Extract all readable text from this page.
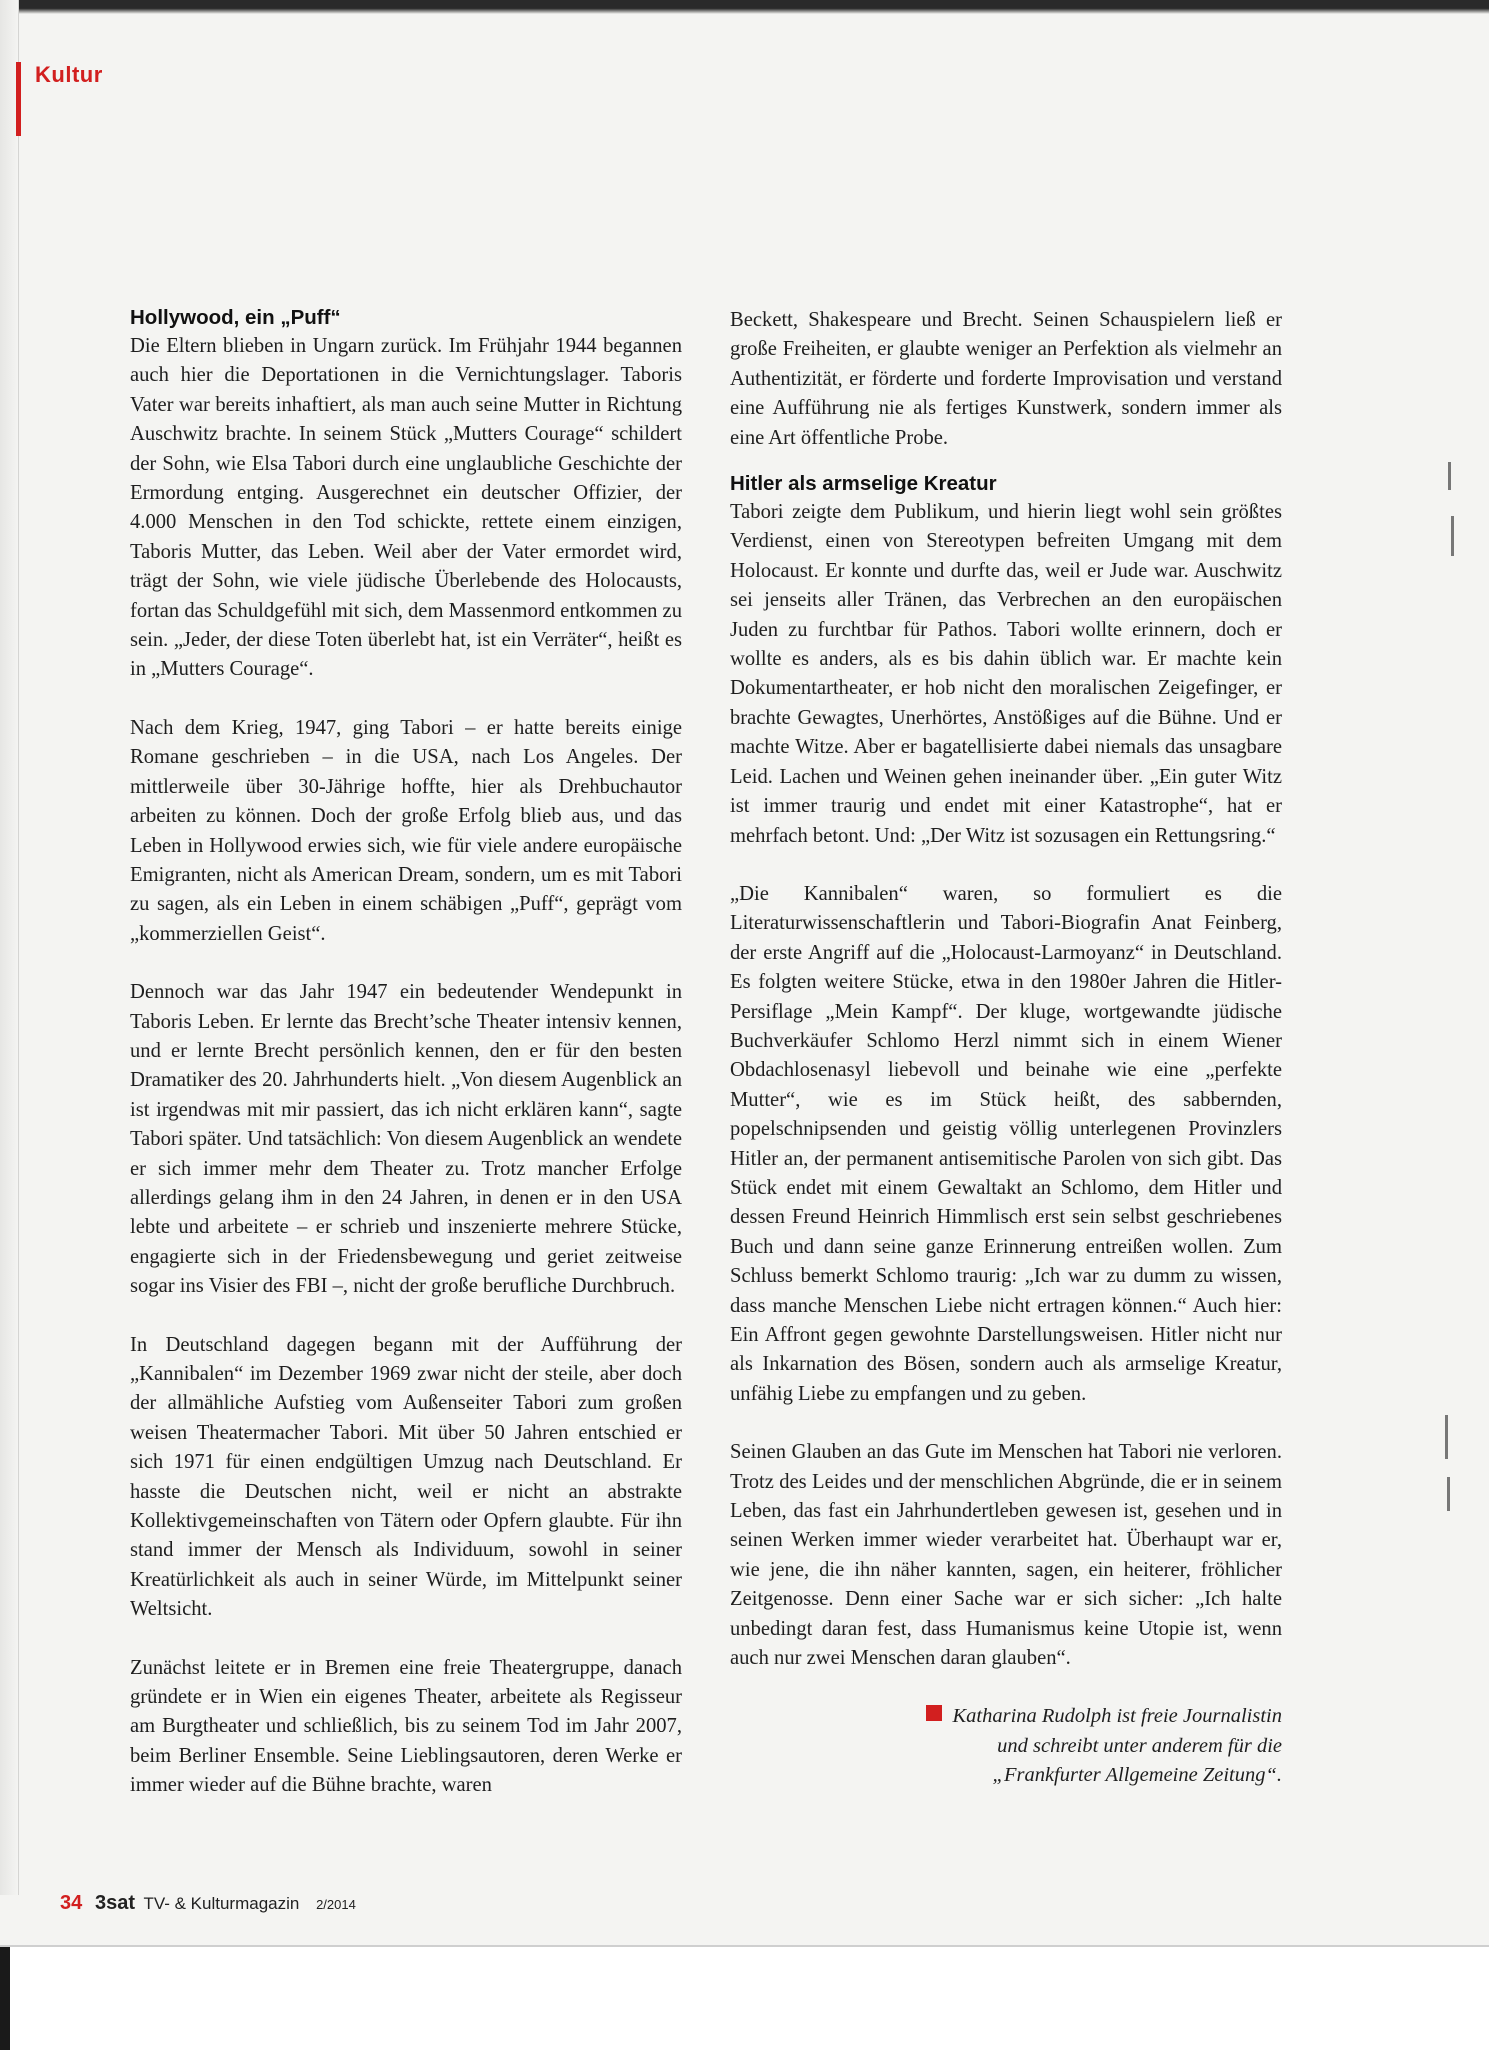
Kultur
Hollywood, ein „Puff“

Die Eltern blieben in Ungarn zurück. Im Frühjahr 1944 begannen auch hier die Deportationen in die Vernichtungslager. Taboris Vater war bereits inhaftiert, als man auch seine Mutter in Richtung Auschwitz brachte. In seinem Stück „Mutters Courage“ schildert der Sohn, wie Elsa Tabori durch eine unglaubliche Geschichte der Ermordung entging. Ausgerechnet ein deutscher Offizier, der 4.000 Menschen in den Tod schickte, rettete einem einzigen, Taboris Mutter, das Leben. Weil aber der Vater ermordet wird, trägt der Sohn, wie viele jüdische Überlebende des Holocausts, fortan das Schuldgefühl mit sich, dem Massenmord entkommen zu sein. „Jeder, der diese Toten überlebt hat, ist ein Verräter“, heißt es in „Mutters Courage“.

Nach dem Krieg, 1947, ging Tabori – er hatte bereits einige Romane geschrieben – in die USA, nach Los Angeles. Der mittlerweile über 30-Jährige hoffte, hier als Drehbuchautor arbeiten zu können. Doch der große Erfolg blieb aus, und das Leben in Hollywood erwies sich, wie für viele andere europäische Emigranten, nicht als American Dream, sondern, um es mit Tabori zu sagen, als ein Leben in einem schäbigen „Puff“, geprägt vom „kommerziellen Geist“.

Dennoch war das Jahr 1947 ein bedeutender Wendepunkt in Taboris Leben. Er lernte das Brecht’sche Theater intensiv kennen, und er lernte Brecht persönlich kennen, den er für den besten Dramatiker des 20. Jahrhunderts hielt. „Von diesem Augenblick an ist irgendwas mit mir passiert, das ich nicht erklären kann“, sagte Tabori später. Und tatsächlich: Von diesem Augenblick an wendete er sich immer mehr dem Theater zu. Trotz mancher Erfolge allerdings gelang ihm in den 24 Jahren, in denen er in den USA lebte und arbeitete – er schrieb und inszenierte mehrere Stücke, engagierte sich in der Friedensbewegung und geriet zeitweise sogar ins Visier des FBI –, nicht der große berufliche Durchbruch.

In Deutschland dagegen begann mit der Aufführung der „Kannibalen“ im Dezember 1969 zwar nicht der steile, aber doch der allmähliche Aufstieg vom Außenseiter Tabori zum großen weisen Theatermacher Tabori. Mit über 50 Jahren entschied er sich 1971 für einen endgültigen Umzug nach Deutschland. Er hasste die Deutschen nicht, weil er nicht an abstrakte Kollektivgemeinschaften von Tätern oder Opfern glaubte. Für ihn stand immer der Mensch als Individuum, sowohl in seiner Kreatürlichkeit als auch in seiner Würde, im Mittelpunkt seiner Weltsicht.

Zunächst leitete er in Bremen eine freie Theatergruppe, danach gründete er in Wien ein eigenes Theater, arbeitete als Regisseur am Burgtheater und schließlich, bis zu seinem Tod im Jahr 2007, beim Berliner Ensemble. Seine Lieblingsautoren, deren Werke er immer wieder auf die Bühne brachte, waren

Beckett, Shakespeare und Brecht. Seinen Schauspielern ließ er große Freiheiten, er glaubte weniger an Perfektion als vielmehr an Authentizität, er förderte und forderte Improvisation und verstand eine Aufführung nie als fertiges Kunstwerk, sondern immer als eine Art öffentliche Probe.

Hitler als armselige Kreatur

Tabori zeigte dem Publikum, und hierin liegt wohl sein größtes Verdienst, einen von Stereotypen befreiten Umgang mit dem Holocaust. Er konnte und durfte das, weil er Jude war. Auschwitz sei jenseits aller Tränen, das Verbrechen an den europäischen Juden zu furchtbar für Pathos. Tabori wollte erinnern, doch er wollte es anders, als es bis dahin üblich war. Er machte kein Dokumentartheater, er hob nicht den moralischen Zeigefinger, er brachte Gewagtes, Unerhörtes, Anstößiges auf die Bühne. Und er machte Witze. Aber er bagatellisierte dabei niemals das unsagbare Leid. Lachen und Weinen gehen ineinander über. „Ein guter Witz ist immer traurig und endet mit einer Katastrophe“, hat er mehrfach betont. Und: „Der Witz ist sozusagen ein Rettungsring.“

„Die Kannibalen“ waren, so formuliert es die Literaturwissenschaftlerin und Tabori-Biografin Anat Feinberg, der erste Angriff auf die „Holocaust-Larmoyanz“ in Deutschland. Es folgten weitere Stücke, etwa in den 1980er Jahren die Hitler-Persiflage „Mein Kampf“. Der kluge, wortgewandte jüdische Buchverkäufer Schlomo Herzl nimmt sich in einem Wiener Obdachlosenasyl liebevoll und beinahe wie eine „perfekte Mutter“, wie es im Stück heißt, des sabbernden, popelschnipsenden und geistig völlig unterlegenen Provinzlers Hitler an, der permanent antisemitische Parolen von sich gibt. Das Stück endet mit einem Gewaltakt an Schlomo, dem Hitler und dessen Freund Heinrich Himmlisch erst sein selbst geschriebenes Buch und dann seine ganze Erinnerung entreißen wollen. Zum Schluss bemerkt Schlomo traurig: „Ich war zu dumm zu wissen, dass manche Menschen Liebe nicht ertragen können.“ Auch hier: Ein Affront gegen gewohnte Darstellungsweisen. Hitler nicht nur als Inkarnation des Bösen, sondern auch als armselige Kreatur, unfähig Liebe zu empfangen und zu geben.

Seinen Glauben an das Gute im Menschen hat Tabori nie verloren. Trotz des Leides und der menschlichen Abgründe, die er in seinem Leben, das fast ein Jahrhundertleben gewesen ist, gesehen und in seinen Werken immer wieder verarbeitet hat. Überhaupt war er, wie jene, die ihn näher kannten, sagen, ein heiterer, fröhlicher Zeitgenosse. Denn einer Sache war er sich sicher: „Ich halte unbedingt daran fest, dass Humanismus keine Utopie ist, wenn auch nur zwei Menschen daran glauben“.

Katharina Rudolph ist freie Journalistin
und schreibt unter anderem für die
„Frankfurter Allgemeine Zeitung“.
34 3sat TV- & Kulturmagazin 2/2014
